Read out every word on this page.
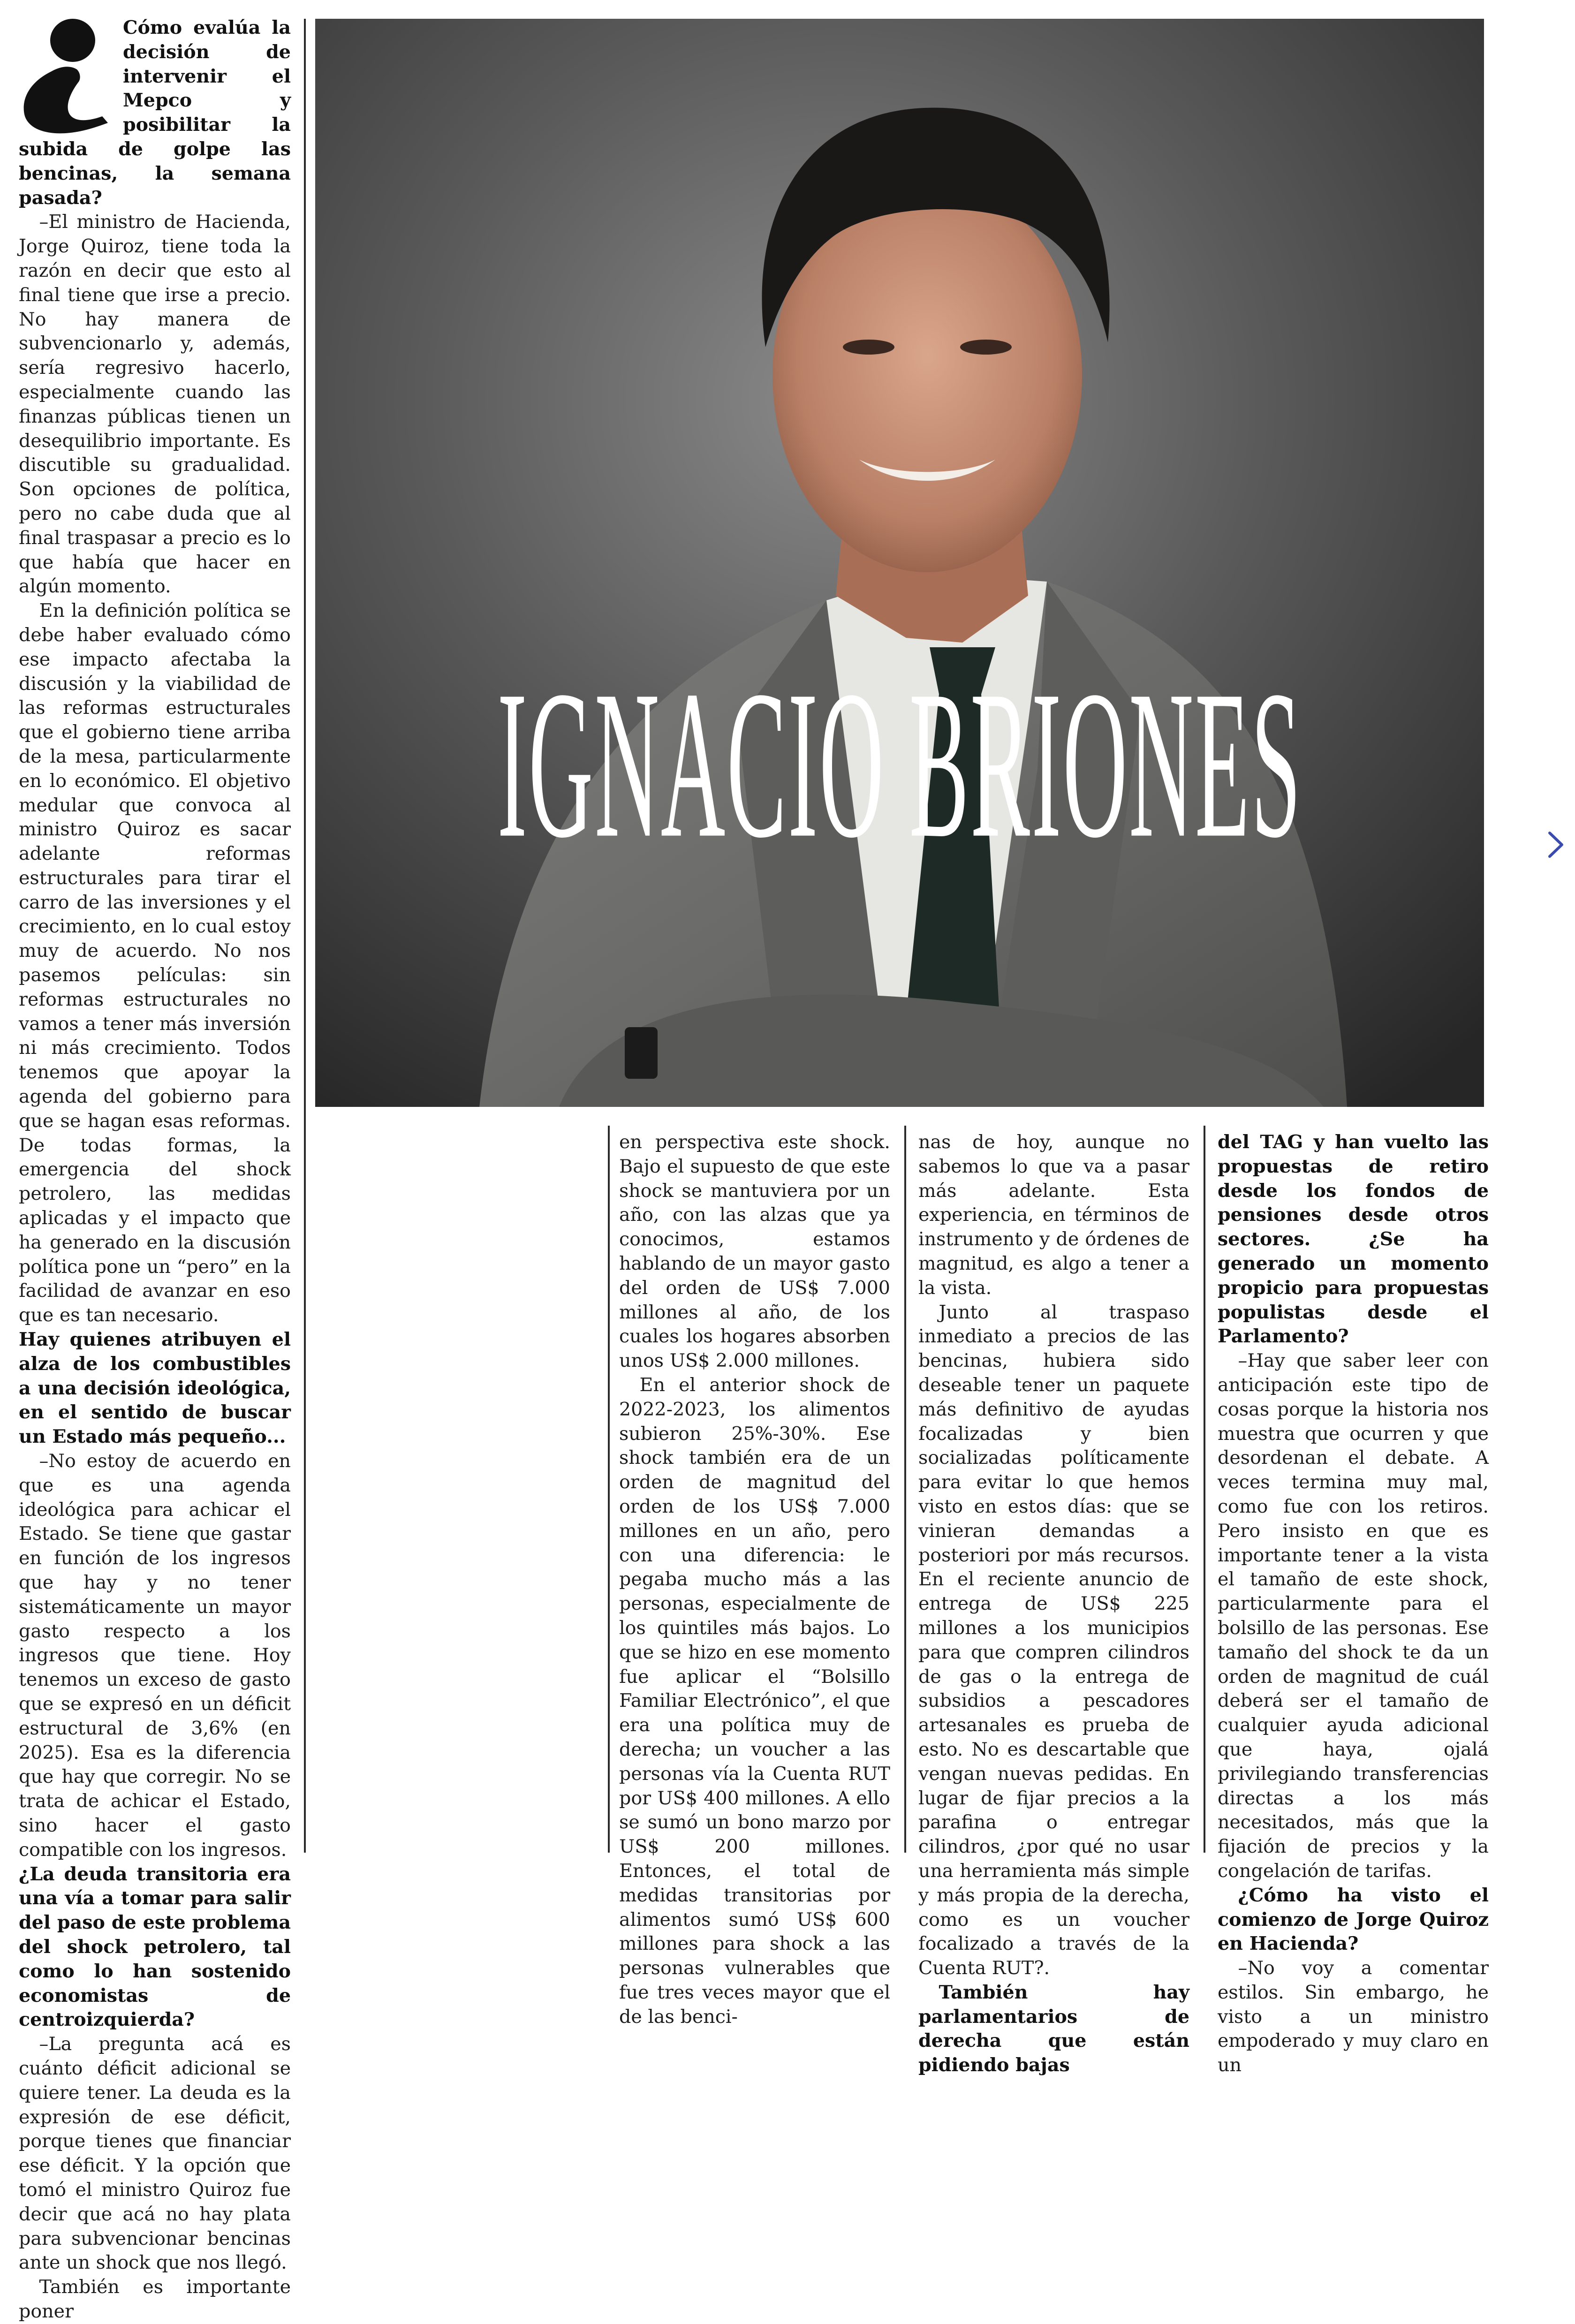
Cómo evalúa la decisión de intervenir el Mepco y posibilitar la subida de golpe las bencinas, la semana pasada?

–El ministro de Hacienda, Jorge Quiroz, tiene toda la razón en decir que esto al final tiene que irse a precio. No hay manera de subvencionarlo y, además, sería regresivo hacerlo, especialmente cuando las finanzas públicas tienen un desequilibrio importante. Es discutible su gradualidad. Son opciones de política, pero no cabe duda que al final traspasar a precio es lo que había que hacer en algún momento.

En la definición política se debe haber evaluado cómo ese impacto afectaba la discusión y la viabilidad de las reformas estructurales que el gobierno tiene arriba de la mesa, particularmente en lo económico. El objetivo medular que convoca al ministro Quiroz es sacar adelante reformas estructurales para tirar el carro de las inversiones y el crecimiento, en lo cual estoy muy de acuerdo. No nos pasemos películas: sin reformas estructurales no vamos a tener más inversión ni más crecimiento. Todos tenemos que apoyar la agenda del gobierno para que se hagan esas reformas. De todas formas, la emergencia del shock petrolero, las medidas aplicadas y el impacto que ha generado en la discusión política pone un “pero” en la facilidad de avanzar en eso que es tan necesario.

Hay quienes atribuyen el alza de los combustibles a una decisión ideológica, en el sentido de buscar un Estado más pequeño...

–No estoy de acuerdo en que es una agenda ideológica para achicar el Estado. Se tiene que gastar en función de los ingresos que hay y no tener sistemáticamente un mayor gasto respecto a los ingresos que tiene. Hoy tenemos un exceso de gasto que se expresó en un déficit estructural de 3,6% (en 2025). Esa es la diferencia que hay que corregir. No se trata de achicar el Estado, sino hacer el gasto compatible con los ingresos.

¿La deuda transitoria era una vía a tomar para salir del paso de este problema del shock petrolero, tal como lo han sostenido economistas de centroizquierda?

–La pregunta acá es cuánto déficit adicional se quiere tener. La deuda es la expresión de ese déficit, porque tienes que financiar ese déficit. Y la opción que tomó el ministro Quiroz fue decir que acá no hay plata para subvencionar bencinas ante un shock que nos llegó.

También es importante poner

IGNACIO BRIONES

en perspectiva este shock. Bajo el supuesto de que este shock se mantuviera por un año, con las alzas que ya conocimos, estamos hablando de un mayor gasto del orden de US$ 7.000 millones al año, de los cuales los hogares absorben unos US$ 2.000 millones.

En el anterior shock de 2022-2023, los alimentos subieron 25%-30%. Ese shock también era de un orden de magnitud del orden de los US$ 7.000 millones en un año, pero con una diferencia: le pegaba mucho más a las personas, especialmente de los quintiles más bajos. Lo que se hizo en ese momento fue aplicar el “Bolsillo Familiar Electrónico”, el que era una política muy de derecha; un voucher a las personas vía la Cuenta RUT por US$ 400 millones. A ello se sumó un bono marzo por US$ 200 millones. Entonces, el total de medidas transitorias por alimentos sumó US$ 600 millones para shock a las personas vulnerables que fue tres veces mayor que el de las benci-

nas de hoy, aunque no sabemos lo que va a pasar más adelante. Esta experiencia, en términos de instrumento y de órdenes de magnitud, es algo a tener a la vista.

Junto al traspaso inmediato a precios de las bencinas, hubiera sido deseable tener un paquete más definitivo de ayudas focalizadas y bien socializadas políticamente para evitar lo que hemos visto en estos días: que se vinieran demandas a posteriori por más recursos. En el reciente anuncio de entrega de US$ 225 millones a los municipios para que compren cilindros de gas o la entrega de subsidios a pescadores artesanales es prueba de esto. No es descartable que vengan nuevas pedidas. En lugar de fijar precios a la parafina o entregar cilindros, ¿por qué no usar una herramienta más simple y más propia de la derecha, como es un voucher focalizado a través de la Cuenta RUT?.

También hay parlamentarios de derecha que están pidiendo bajas

del TAG y han vuelto las propuestas de retiro desde los fondos de pensiones desde otros sectores. ¿Se ha generado un momento propicio para propuestas populistas desde el Parlamento?

–Hay que saber leer con anticipación este tipo de cosas porque la historia nos muestra que ocurren y que desordenan el debate. A veces termina muy mal, como fue con los retiros. Pero insisto en que es importante tener a la vista el tamaño de este shock, particularmente para el bolsillo de las personas. Ese tamaño del shock te da un orden de magnitud de cuál deberá ser el tamaño de cualquier ayuda adicional que haya, ojalá privilegiando transferencias directas a los más necesitados, más que la fijación de precios y la congelación de tarifas.

¿Cómo ha visto el comienzo de Jorge Quiroz en Hacienda?

–No voy a comentar estilos. Sin embargo, he visto a un ministro empoderado y muy claro en un
